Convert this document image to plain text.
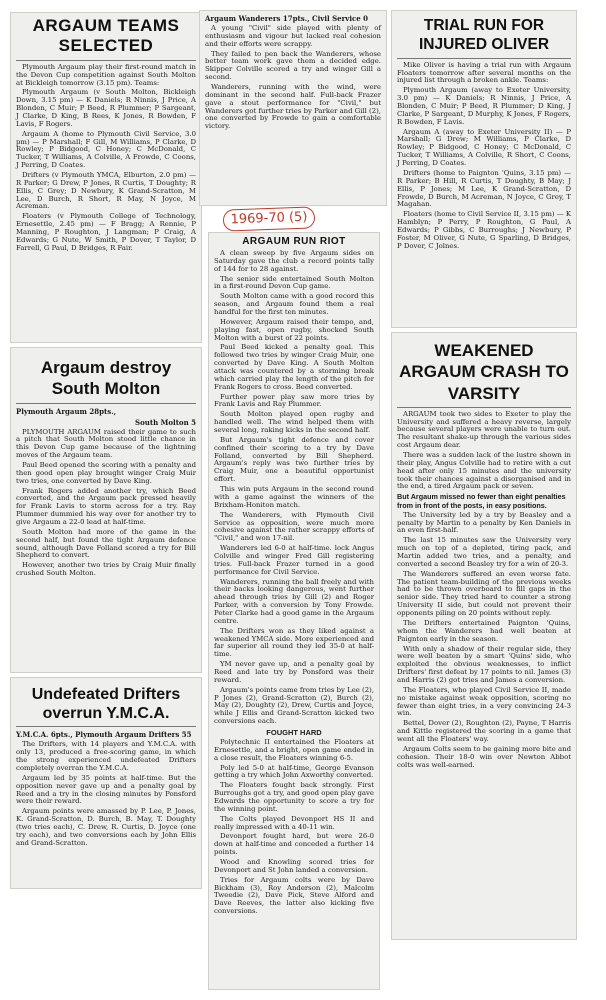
ARGAUM TEAMS SELECTED

Plymouth Argaum play their first-round match in the Devon Cup competition against South Molton at Bickleigh tomorrow (3.15 pm). Teams:

Plymouth Argaum (v South Molton, Bickleigh Down, 3.15 pm) — K Daniels; R Ninnis, J Price, A Blonden, C Muir; P Beed, R Plummer; P Sargeant, J Clarke, D King, B Rees, K Jones, R Bowden, F Lavis, F Rogers.

Argaum A (home to Plymouth Civil Service, 3.0 pm) — P Marshall; F Gill, M Williams, P Clarke, D Rowley; P Bidgood, C Honey; C McDonald, C Tucker, T Williams, A Colville, A Frowde, C Coons, J Perring, D Coates.

Drifters (v Plymouth YMCA, Elburton, 2.0 pm) — R Parker; G Drew, P Jones, R Curtis, T Doughty; R Ellis, C Grey; D Newbury, K Grand-Scratton, M Lee, D Burch, R Short, R May, N Joyce, M Acreman.

Floaters (v Plymouth College of Technology, Ernesettle, 2.45 pm) — F Bragg; A Rennie, P Manning, P Roughton, J Langman; P Craig, A Edwards; G Nute, W Smith, P Dover, T Taylor, D Farrell, G Paul, D Bridges, R Fair.

Argaum destroy South Molton
Plymouth Argaum 28pts.,
South Molton 5

PLYMOUTH ARGAUM raised their game to such a pitch that South Molton stood little chance in this Devon Cup game because of the lightning moves of the Argaum team.

Paul Beed opened the scoring with a penalty and then good open play brought winger Craig Muir two tries, one converted by Dave King.

Frank Rogers added another try, which Beed converted, and the Argaum pack pressed heavily for Frank Lavis to storm across for a try. Ray Plummer dummied his way over for another try to give Argaum a 22-0 lead at half-time.

South Molton had more of the game in the second half, but found the tight Argaum defence sound, although Dave Folland scored a try for Bill Shepherd to convert.

However, another two tries by Craig Muir finally crushed South Molton.

Undefeated Drifters overrun Y.M.C.A.
Y.M.C.A. 6pts., Plymouth Argaum Drifters 55

The Drifters, with 14 players and Y.M.C.A. with only 13, produced a free-scoring game, in which the strong experienced undefeated Drifters completely overran the Y.M.C.A.

Argaum led by 35 points at half-time. But the opposition never gave up and a penalty goal by Reed and a try in the closing minutes by Ponsford were their reward.

Argaum points were amassed by P. Lee, P. Jones, K. Grand-Scratton, D. Burch, B. May, T. Doughty (two tries each), C. Drew, R. Curtis, D. Joyce (one try each), and two conversions each by John Ellis and Grand-Scratton.

Argaum Wanderers 17pts., Civil Service 0

A young "Civil" side played with plenty of enthusiasm and vigour but lacked real cohesion and their efforts were scrappy.

They failed to pen back the Wanderers, whose better team work gave them a decided edge. Skipper Colville scored a try and winger Gill a second.

Wanderers, running with the wind, were dominant in the second half. Full-back Frazer gave a stout performance for "Civil," but Wanderers got further tries by Parker and Gill (2), one converted by Frowde to gain a comfortable victory.

1969-70 (5)
ARGAUM RUN RIOT

A clean sweep by five Argaum sides on Saturday gave the club a record points tally of 144 for to 28 against.

The senior side entertained South Molton in a first-round Devon Cup game.

South Molton came with a good record this season, and Argaum found them a real handful for the first ten minutes.

However, Argaum raised their tempo, and, playing fast, open rugby, shocked South Molton with a burst of 22 points.

Paul Beed kicked a penalty goal. This followed two tries by winger Craig Muir, one converted by Dave King. A South Molton attack was countered by a storming break which carried play the length of the pitch for Frank Rogers to cross. Beed converted.

Further power play saw more tries by Frank Lavis and Ray Plummer.

South Molton played open rugby and handled well. The wind helped them with several long, raking kicks in the second half.

But Argaum's tight defence and cover confined their scoring to a try by Dave Folland, converted by Bill Shepherd. Argaum's reply was two further tries by Craig Muir, one a beautiful opportunist effort.

This win puts Argaum in the second round with a game against the winners of the Brixham-Honiton match.

The Wanderers, with Plymouth Civil Service as opposition, were much more cohesive against the rather scrappy efforts of "Civil," and won 17-nil.

Wanderers led 6-0 at half-time. lock Angus Colville and winger Fred Gill registering tries. Full-back Frazer turned in a good performance for Civil Service.

Wanderers, running the ball freely and with their backs looking dangerous, went further ahead through tries by Gill (2) and Roger Parker, with a conversion by Tony Frowde. Peter Clarke had a good game in the Argaum centre.

The Drifters won as they liked against a weakened YMCA side. More experienced and far superior all round they led 35-0 at half-time.

YM never gave up, and a penalty goal by Reed and late try by Ponsford was their reward.

Argaum's points came from tries by Lee (2), P Jones (2), Grand-Scratton (2), Burch (2), May (2), Doughty (2), Drew, Curtis and Joyce, while J Ellis and Grand-Scratton kicked two conversions each.

FOUGHT HARD

Polytechnic II entertained the Floaters at Ernesettle, and a bright, open game ended in a close result, the Floaters winning 6-5.

Poly led 5-0 at half-time, George Evanson getting a try which John Axworthy converted.

The Floaters fought back strongly. First Burroughs got a try, and good open play gave Edwards the opportunity to score a try for the winning point.

The Colts played Devonport HS II and really impressed with a 40-11 win.

Devonport fought hard, but were 26-0 down at half-time and conceded a further 14 points.

Wood and Knowling scored tries for Devonport and St John landed a conversion.

Tries for Argaum colts were by Dave Bickham (3), Roy Anderson (2), Malcolm Tweedie (2), Dave Pick, Steve Alford and Dave Reeves, the latter also kicking five conversions.

TRIAL RUN FOR INJURED OLIVER

Mike Oliver is having a trial run with Argaum Floaters tomorrow after several months on the injured list through a broken ankle. Teams:

Plymouth Argaum (away to Exeter University, 3.0 pm) — K Daniels; R Ninnis, J Price, A Blonden, C Muir; P Beed, R Plummer; D King, J Clarke, P Sargeant, D Murphy, K Jones, F Rogers, R Bowden, F Lavis.

Argaum A (away to Exeter University II) — P Marshall; G Drew; M Williams, P Clarke, D Rowley; P Bidgood, C Honey; C McDonald, C Tucker, T Williams, A Colville, R Short, C Coons, J Perring, D Coates.

Drifters (home to Paignton 'Quins, 3.15 pm) — R Parker; B Hill, R Curtis, T Doughty, B May; J Ellis, P Jones; M Lee, K Grand-Scratton, D Frowde, D Burch, M Acreman, N Joyce, C Grey, T Magahan.

Floaters (home to Civil Service II, 3.15 pm) — K Hamblyn; P Perry, P Roughton, G Paul, A Edwards; P Gibbs, C Burroughs; J Newbury, P Foster, M Oliver, G Nute, G Sparling, D Bridges, P Dover, C Jolnes.

WEAKENED ARGAUM CRASH TO VARSITY

ARGAUM took two sides to Exeter to play the University and suffered a heavy reverse, largely because several players were unable to turn out. The resultant shake-up through the various sides cost Argaum dear.

There was a sudden lack of the lustre shown in their play, Angus Colville had to retire with a cut head after only 15 minutes and the university took their chances against a disorganised and in the end, a tired Argaum pack or seven.

But Argaum missed no fewer than eight penalties from in front of the posts, in easy positions.

The University led by a try by Beasley and a penalty by Martin to a penalty by Ken Daniels in an even first-half.

The last 15 minutes saw the University very much on top of a depleted, tiring pack, and Martin added two tries, and a penalty, and converted a second Beasley try for a win of 20-3.

The Wanderers suffered an even worse fate. The patient team-building of the previous weeks had to be thrown overboard to fill gaps in the senior side. They tried hard to counter a strong University II side, but could not prevent their opponents piling on 20 points without reply.

The Drifters entertained Paignton 'Quins, whom the Wanderers had well beaten at Paignton early in the season.

With only a shadow of their regular side, they were well beaten by a smart 'Quins' side, who exploited the obvious weaknesses, to inflict Drifters' first defeat by 17 points to nil. James (3) and Harris (2) got tries and James a conversion.

The Floaters, who played Civil Service II, made no mistake against weak opposition, scoring no fewer than eight tries, in a very convincing 24-3 win.

Bettel, Dover (2), Roughton (2), Payne, T Harris and Kittle registered the scoring in a game that went all the Floaters' way.

Argaum Colts seem to be gaining more bite and cohesion. Their 18-0 win over Newton Abbot colts was well-earned.
